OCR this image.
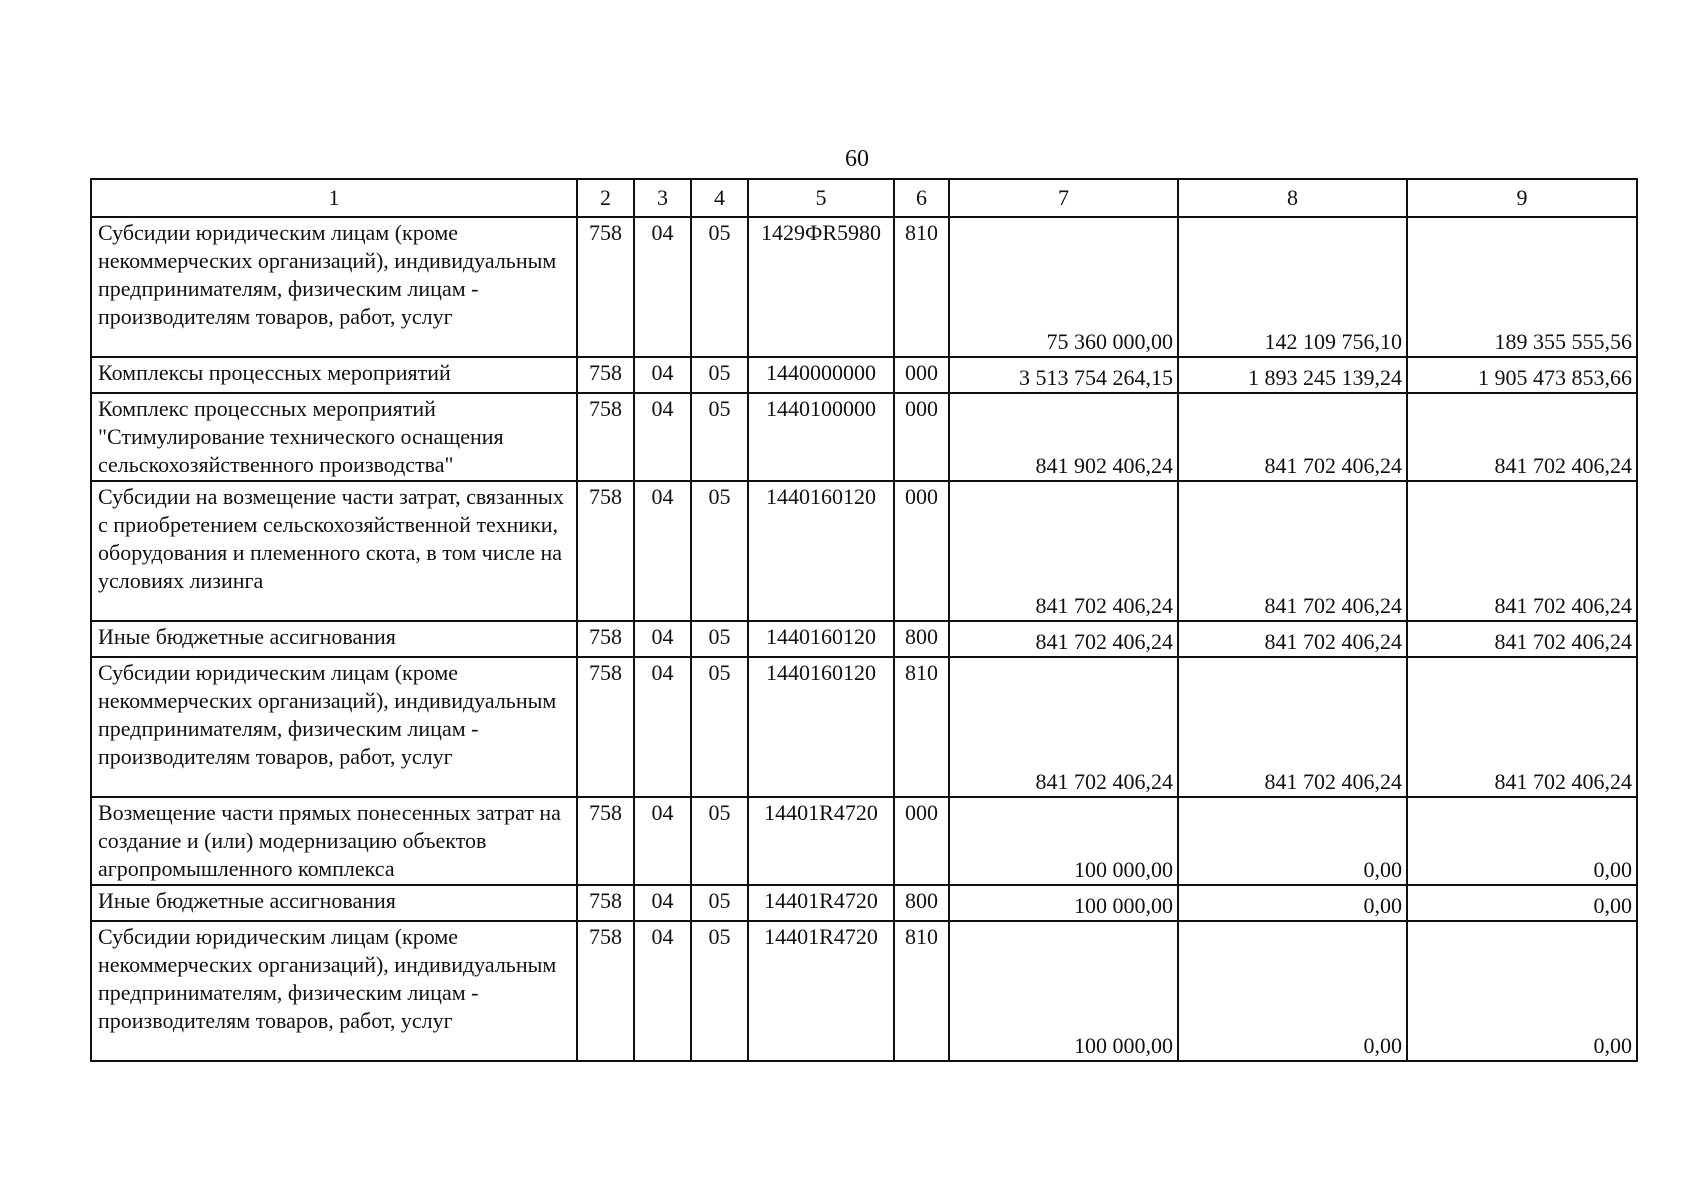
60
1	2	3	4	5	6	7	8	9
Субсидии юридическим лицам (кроме некоммерческих организаций), индивидуальным предпринимателям, физическим лицам - производителям товаров, работ, услуг	758	04	05	1429ФR5980	810	75 360 000,00	142 109 756,10	189 355 555,56
Комплексы процессных мероприятий	758	04	05	1440000000	000	3 513 754 264,15	1 893 245 139,24	1 905 473 853,66
Комплекс процессных мероприятий "Стимулирование технического оснащения сельскохозяйственного производства"	758	04	05	1440100000	000	841 902 406,24	841 702 406,24	841 702 406,24
Субсидии на возмещение части затрат, связанных с приобретением сельскохозяйственной техники, оборудования и племенного скота, в том числе на условиях лизинга	758	04	05	1440160120	000	841 702 406,24	841 702 406,24	841 702 406,24
Иные бюджетные ассигнования	758	04	05	1440160120	800	841 702 406,24	841 702 406,24	841 702 406,24
Субсидии юридическим лицам (кроме некоммерческих организаций), индивидуальным предпринимателям, физическим лицам - производителям товаров, работ, услуг	758	04	05	1440160120	810	841 702 406,24	841 702 406,24	841 702 406,24
Возмещение части прямых понесенных затрат на создание и (или) модернизацию объектов агропромышленного комплекса	758	04	05	14401R4720	000	100 000,00	0,00	0,00
Иные бюджетные ассигнования	758	04	05	14401R4720	800	100 000,00	0,00	0,00
Субсидии юридическим лицам (кроме некоммерческих организаций), индивидуальным предпринимателям, физическим лицам - производителям товаров, работ, услуг	758	04	05	14401R4720	810	100 000,00	0,00	0,00
